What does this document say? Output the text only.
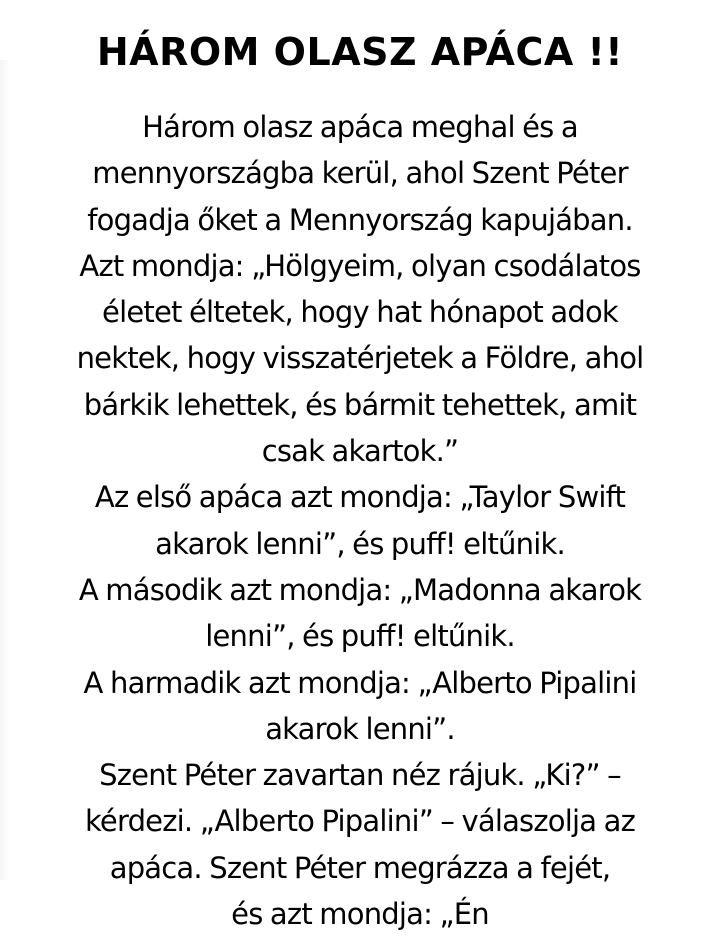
HÁROM OLASZ APÁCA !!
Három olasz apáca meghal és a
mennyországba kerül, ahol Szent Péter
fogadja őket a Mennyország kapujában.
Azt mondja: „Hölgyeim, olyan csodálatos
életet éltetek, hogy hat hónapot adok
nektek, hogy visszatérjetek a Földre, ahol
bárkik lehettek, és bármit tehettek, amit
csak akartok.”
Az első apáca azt mondja: „Taylor Swift
akarok lenni”, és puff! eltűnik.
A második azt mondja: „Madonna akarok
lenni”, és puff! eltűnik.
A harmadik azt mondja: „Alberto Pipalini
akarok lenni”.
Szent Péter zavartan néz rájuk. „Ki?” –
kérdezi. „Alberto Pipalini” – válaszolja az
apáca. Szent Péter megrázza a fejét,
és azt mondja: „Én
